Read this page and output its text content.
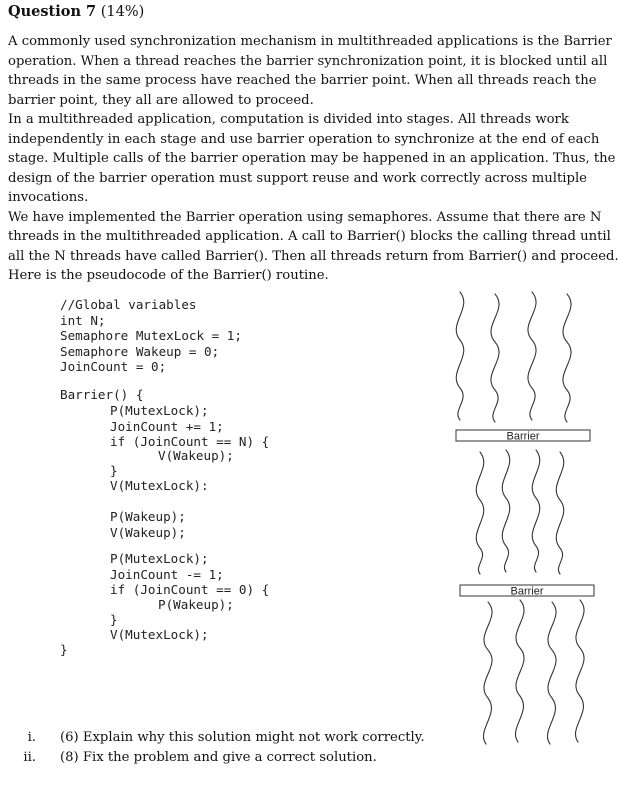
Question 7 (14%)

A commonly used synchronization mechanism in multithreaded applications is the Barrier operation. When a thread reaches the barrier synchronization point, it is blocked until all threads in the same process have reached the barrier point. When all threads reach the barrier point, they all are allowed to proceed.

In a multithreaded application, computation is divided into stages. All threads work independently in each stage and use barrier operation to synchronize at the end of each stage. Multiple calls of the barrier operation may be happened in an application. Thus, the design of the barrier operation must support reuse and work correctly across multiple invocations.

We have implemented the Barrier operation using semaphores. Assume that there are N threads in the multithreaded application. A call to Barrier() blocks the calling thread until all the N threads have called Barrier(). Then all threads return from Barrier() and proceed. Here is the pseudocode of the Barrier() routine.

//Global variables
int N;
Semaphore MutexLock = 1;
Semaphore Wakeup = 0;
JoinCount = 0;
Barrier() {
P(MutexLock);
JoinCount += 1;
if (JoinCount == N) {
V(Wakeup);
}
V(MutexLock):
P(Wakeup);
V(Wakeup);
P(MutexLock);
JoinCount -= 1;
if (JoinCount == 0) {
P(Wakeup);
}
V(MutexLock);
}
Barrier
Barrier
i. (6) Explain why this solution might not work correctly.
ii. (8) Fix the problem and give a correct solution.
